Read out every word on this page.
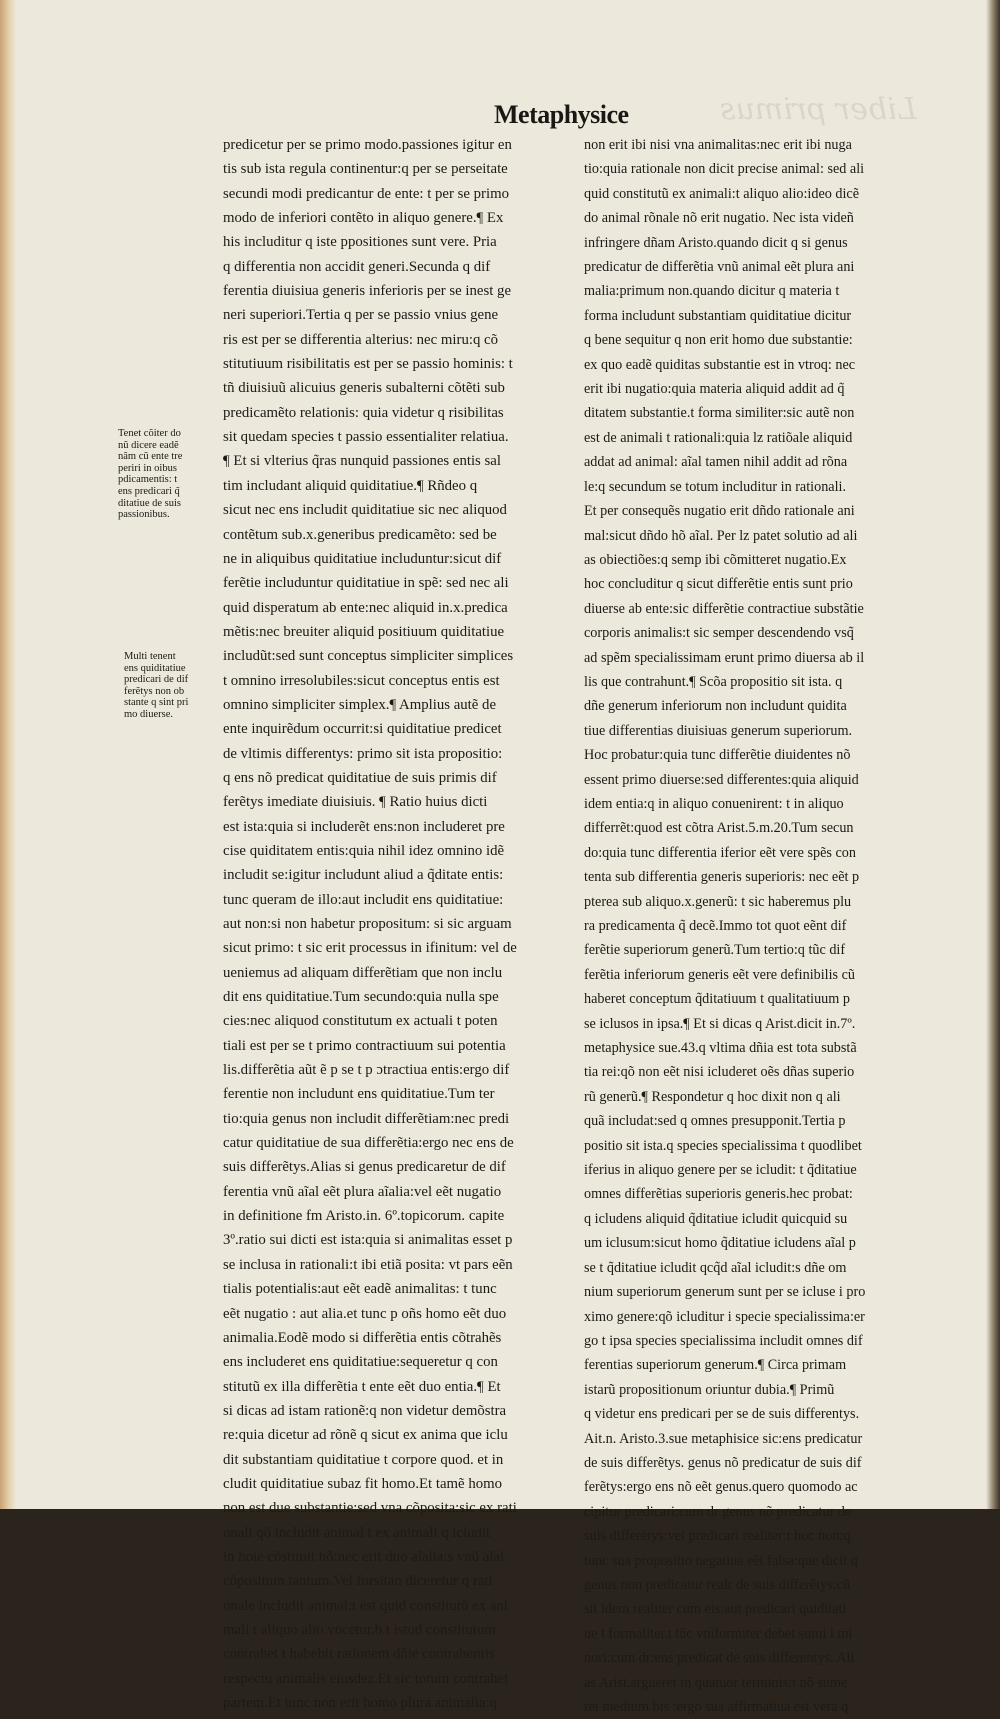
Liber primus
Metaphysice
predicetur per se primo modo.passiones igitur en
tis sub ista regula continentur:q per se perseitate
secundi modi predicantur de ente: t per se primo
modo de inferiori contẽto in aliquo genere.¶ Ex
his includitur q iste ppositiones sunt vere. Pria
q differentia non accidit generi.Secunda q dif
ferentia diuisiua generis inferioris per se inest ge
neri superiori.Tertia q per se passio vnius gene
ris est per se differentia alterius: nec miru:q cõ
stitutiuum risibilitatis est per se passio hominis: t
tñ diuisiuũ alicuius generis subalterni cõtẽti sub
predicamẽto relationis: quia videtur q risibilitas
sit quedam species t passio essentialiter relatiua.
¶ Et si vlterius q̃ras nunquid passiones entis sal
tim includant aliquid quiditatiue.¶ Rñdeo q
sicut nec ens includit quiditatiue sic nec aliquod
contẽtum sub.x.generibus predicamẽto: sed be
ne in aliquibus quiditatiue includuntur:sicut dif
ferẽtie includuntur quiditatiue in spẽ: sed nec ali
quid disperatum ab ente:nec aliquid in.x.predica
mẽtis:nec breuiter aliquid positiuum quiditatiue
includũt:sed sunt conceptus simpliciter simplices
t omnino irresolubiles:sicut conceptus entis est
omnino simpliciter simplex.¶ Amplius autẽ de
ente inquirẽdum occurrit:si quiditatiue predicet
de vltimis differentys: primo sit ista propositio:
q ens nõ predicat quiditatiue de suis primis dif
ferẽtys imediate diuisiuis. ¶ Ratio huius dicti
est ista:quia si includerẽt ens:non includeret pre
cise quiditatem entis:quia nihil idez omnino idẽ
includit se:igitur includunt aliud a q̃ditate entis:
tunc queram de illo:aut includit ens quiditatiue:
aut non:si non habetur propositum: si sic arguam
sicut primo: t sic erit processus in ifinitum: vel de
ueniemus ad aliquam differẽtiam que non inclu
dit ens quiditatiue.Tum secundo:quia nulla spe
cies:nec aliquod constitutum ex actuali t poten
tiali est per se t primo contractiuum sui potentia
lis.differẽtia aũt ẽ p se t p ɔtractiua entis:ergo dif
ferentie non includunt ens quiditatiue.Tum ter
tio:quia genus non includit differẽtiam:nec predi
catur quiditatiue de sua differẽtia:ergo nec ens de
suis differẽtys.Alias si genus predicaretur de dif
ferentia vnũ aĩal eẽt plura aĩalia:vel eẽt nugatio
in definitione fm Aristo.in. 6º.topicorum. capite
3º.ratio sui dicti est ista:quia si animalitas esset p
se inclusa in rationali:t ibi etiã posita: vt pars eẽn
tialis potentialis:aut eẽt eadẽ animalitas: t tunc
eẽt nugatio : aut alia.et tunc p oñs homo eẽt duo
animalia.Eodẽ modo si differẽtia entis cõtrahẽs
ens includeret ens quiditatiue:sequeretur q con
stitutũ ex illa differẽtia t ente eẽt duo entia.¶ Et
si dicas ad istam rationẽ:q non videtur demõstra
re:quia dicetur ad rõnẽ q sicut ex anima que iclu
dit substantiam quiditatiue t corpore quod. et in
cludit quiditatiue subaz fit homo.Et tamẽ homo
non est due substantie:sed vna cõposita:sic ex rati
onali qõ includit animal t ex animali q icludit
in hoie cõstituit hõ:nec erit duo aĩalia:s vnũ aĩal
cõpositum tantum.Vel forsitan diceretur q rati
onale includit animal:t est quid constitutũ ex ani
mali t aliquo alio.vocetur.b.t istud constitutum
contrahet t habebit rationem dñie contrahentis
respectu animalis eiusdez.Et sic totum contrahet
partem.Et tunc non erit homo plura animalia:q
non erit ibi nisi vna animalitas:nec erit ibi nuga
tio:quia rationale non dicit precise animal: sed ali
quid constitutũ ex animali:t aliquo alio:ideo dicẽ
do animal rõnale nõ erit nugatio. Nec ista videñ
infringere dñam Aristo.quando dicit q si genus
predicatur de differẽtia vnũ animal eẽt plura ani
malia:primum non.quando dicitur q materia t
forma includunt substantiam quiditatiue dicitur
q bene sequitur q non erit homo due substantie:
ex quo eadẽ quiditas substantie est in vtroq: nec
erit ibi nugatio:quia materia aliquid addit ad q̃
ditatem substantie.t forma similiter:sic autẽ non
est de animali t rationali:quia lz ratiõale aliquid
addat ad animal: aĩal tamen nihil addit ad rõna
le:q secundum se totum includitur in rationali.
Et per consequẽs nugatio erit dñdo rationale ani
mal:sicut dñdo hõ aĩal. Per lz patet solutio ad ali
as obiectiões:q semp ibi cõmitteret nugatio.Ex
hoc concluditur q sicut differẽtie entis sunt prio
diuerse ab ente:sic differẽtie contractiue substãtie
corporis animalis:t sic semper descendendo vsq̃
ad spẽm specialissimam erunt primo diuersa ab il
lis que contrahunt.¶ Scõa propositio sit ista. q
dñe generum inferiorum non includunt quidita
tiue differentias diuisiuas generum superiorum.
Hoc probatur:quia tunc differẽtie diuidentes nõ
essent primo diuerse:sed differentes:quia aliquid
idem entia:q in aliquo conuenirent: t in aliquo
differrẽt:quod est cõtra Arist.5.m.20.Tum secun
do:quia tunc differentia iferior eẽt vere spẽs con
tenta sub differentia generis superioris: nec eẽt p
pterea sub aliquo.x.generũ: t sic haberemus plu
ra predicamenta q̃ decẽ.Immo tot quot eẽnt dif
ferẽtie superiorum generũ.Tum tertio:q tũc dif
ferẽtia inferiorum generis eẽt vere definibilis cũ
haberet conceptum q̃ditatiuum t qualitatiuum p
se iclusos in ipsa.¶ Et si dicas q Arist.dicit in.7º.
metaphysice sue.43.q vltima dñia est tota substã
tia rei:qõ non eẽt nisi icluderet oẽs dñas superio
rũ generũ.¶ Respondetur q hoc dixit non q ali
quã includat:sed q omnes presupponit.Tertia p
positio sit ista.q species specialissima t quodlibet
iferius in aliquo genere per se icludit: t q̃ditatiue
omnes differẽtias superioris generis.hec probat:
q icludens aliquid q̃ditatiue icludit quicquid su
um iclusum:sicut homo q̃ditatiue icludens aĩal p
se t q̃ditatiue icludit qcq̃d aĩal icludit:s dñe om
nium superiorum generum sunt per se icluse i pro
ximo genere:qõ icluditur i specie specialissima:er
go t ipsa species specialissima includit omnes dif
ferentias superiorum generum.¶ Circa primam
istarũ propositionum oriuntur dubia.¶ Primũ
q videtur ens predicari per se de suis differentys.
Ait.n. Aristo.3.sue metaphisice sic:ens predicatur
de suis differẽtys. genus nõ predicatur de suis dif
ferẽtys:ergo ens nõ eẽt genus.quero quomodo ac
cipitur predicari:cum dr genus nõ predicatur de
suis differẽtys:vel predicari realiter:t hoc non:q
tunc sua propositio negatiua eẽt falsa:que dicit q
genus non predicatur realr de suis differẽtys:cũ
sit idem realiter cum eis:aut predicari quiditati
ue t formaliter.t tũc vniformiter debet sumi i mi
nori:cum dr:ens predicat de suis differentys. Ali
as Arist.argueret in quatuor terminis:t nõ sume
ret medium bis :ergo sua affirmatiua est vera q
Tenet cõiter do
nũ dicere eadẽ
nãm cũ ente tre
periri in oibus
pdicamentis: t
ens predicari q̃
ditatiue de suis
passionibus.
Multi tenent
ens quiditatiue
predicari de dif
ferẽtys non ob
stante q sint pri
mo diuerse.
